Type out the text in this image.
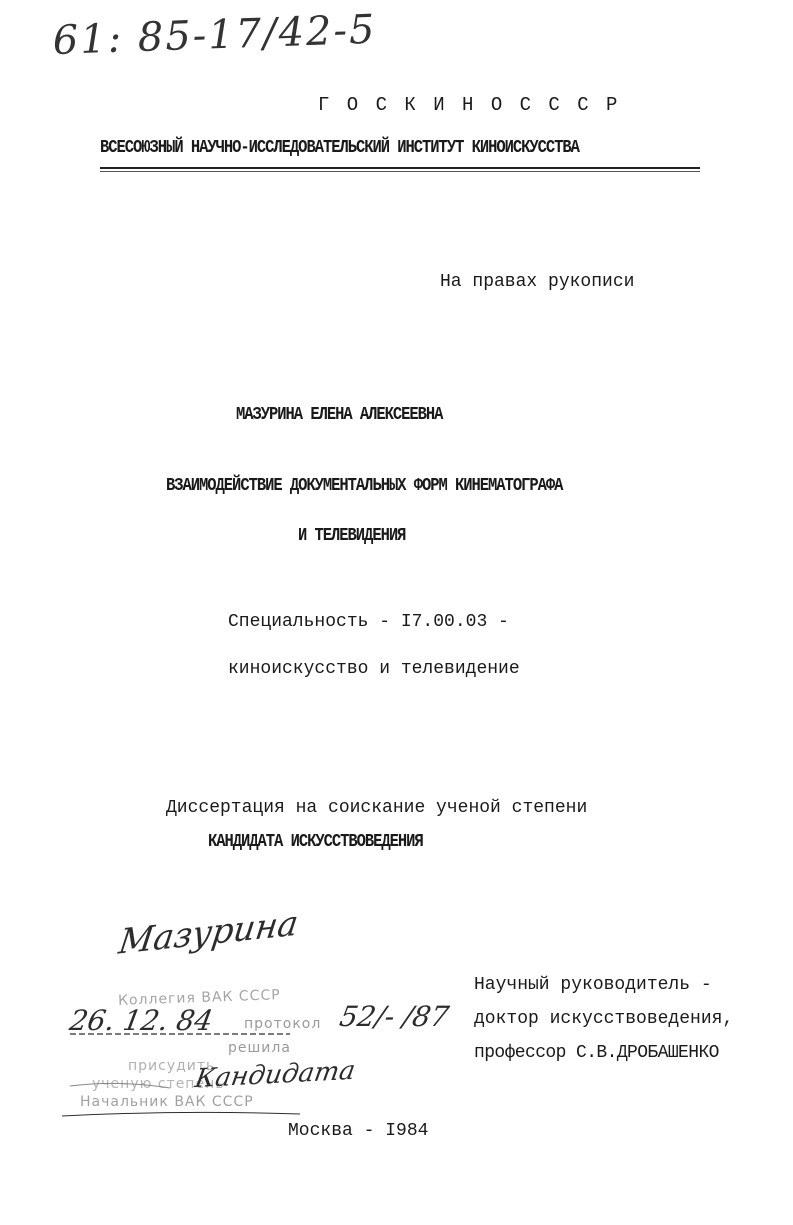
61: 85-17/42-5
Г О С К И Н О С С С Р
ВСЕСОЮЗНЫЙ НАУЧНО-ИССЛЕДОВАТЕЛЬСКИЙ ИНСТИТУТ КИНОИСКУССТВА
На правах рукописи
МАЗУРИНА ЕЛЕНА АЛЕКСЕЕВНА
ВЗАИМОДЕЙСТВИЕ ДОКУМЕНТАЛЬНЫХ ФОРМ КИНЕМАТОГРАФА
И ТЕЛЕВИДЕНИЯ
Специальность - I7.00.03 -
киноискусство и телевидение
Диссертация на соискание ученой степени
КАНДИДАТА ИСКУССТВОВЕДЕНИЯ
Мазурина
Коллегия ВАК СССР
26. 12. 84 протокол 52/- /87
решила
присудить
ученую степень
Кандидата
Начальник ВАК СССР
Научный руководитель -
доктор искусствоведения,
профессор С.В.ДРОБАШЕНКО
Москва - I984
